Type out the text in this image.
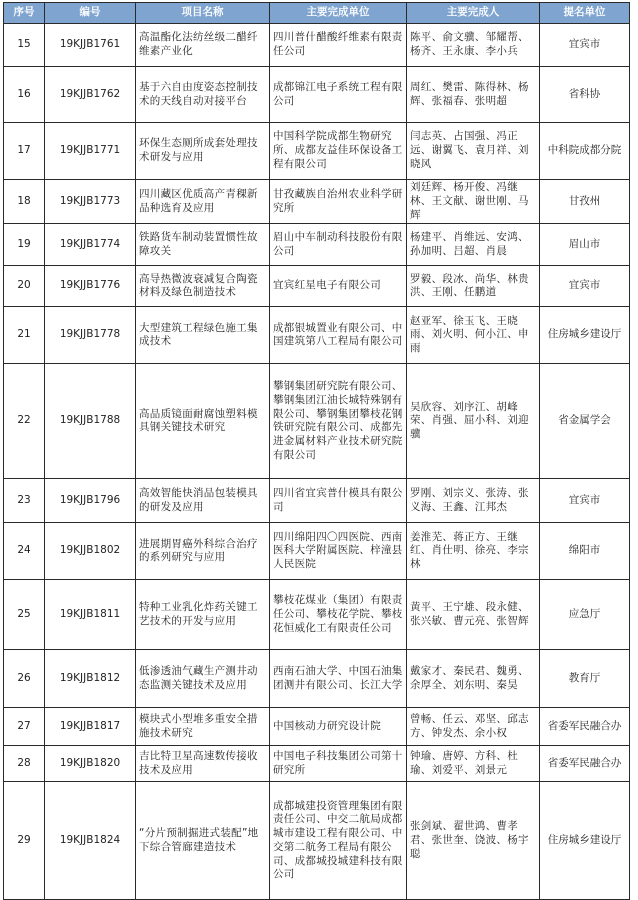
序号	编号	项目名称	主要完成单位	主要完成人	提名单位
15	19KJJB1761	高温酯化法纺丝级二醋纤维素产业化	四川普什醋酸纤维素有限责任公司	陈平、俞文骥、邹耀帮、杨齐、王永康、李小兵	宜宾市
16	19KJJB1762	基于六自由度姿态控制技术的天线自动对接平台	成都锦江电子系统工程有限公司	周红、樊雷、陈得林、杨辉、张福春、张明超	省科协
17	19KJJB1771	环保生态厕所成套处理技术研发与应用	中国科学院成都生物研究所、成都友益佳环保设备工程有限公司	闫志英、占国强、冯正远、谢翼飞、袁月祥、刘晓风	中科院成都分院
18	19KJJB1773	四川藏区优质高产青稞新品种选育及应用	甘孜藏族自治州农业科学研究所	刘廷辉、杨开俊、冯继林、王文献、谢世刚、马辉	甘孜州
19	19KJJB1774	铁路货车制动装置惯性故障攻关	眉山中车制动科技股份有限公司	杨建平、肖维远、安鸿、孙加明、吕超、肖晨	眉山市
20	19KJJB1776	高导热微波衰减复合陶瓷材料及绿色制造技术	宜宾红星电子有限公司	罗毅、段冰、尚华、林贵洪、王刚、任鹏道	宜宾市
21	19KJJB1778	大型建筑工程绿色施工集成技术	成都银城置业有限公司、中国建筑第八工程局有限公司	赵亚军、徐玉飞、王晓雨、刘火明、何小江、申雨	住房城乡建设厅
22	19KJJB1788	高品质镜面耐腐蚀塑料模具钢关键技术研究	攀钢集团研究院有限公司、攀钢集团江油长城特殊钢有限公司、攀钢集团攀枝花钢铁研究院有限公司、成都先进金属材料产业技术研究院有限公司	吴欣容、刘序江、胡峰荣、肖强、屈小科、刘迎骥	省金属学会
23	19KJJB1796	高效智能快消品包装模具的研发及应用	四川省宜宾普什模具有限公司	罗刚、刘宗义、张涛、张义海、王鑫、江邦杰	宜宾市
24	19KJJB1802	进展期胃癌外科综合治疗的系列研究与应用	四川绵阳四〇四医院、西南医科大学附属医院、梓潼县人民医院	姜淮芜、蒋正方、王继红、肖仕明、徐亮、李宗林	绵阳市
25	19KJJB1811	特种工业乳化炸药关键工艺技术的开发与应用	攀枝花煤业（集团）有限责任公司、攀枝花学院、攀枝花恒威化工有限责任公司	黄平、王宁雄、段永健、张兴敏、曹元亮、张智辉	应急厅
26	19KJJB1812	低渗透油气藏生产测井动态监测关键技术及应用	西南石油大学、中国石油集团测井有限公司、长江大学	戴家才、秦民君、魏勇、余厚全、刘东明、秦昊	教育厅
27	19KJJB1817	模块式小型堆多重安全措施技术研究	中国核动力研究设计院	曾畅、任云、邓坚、邱志方、钟发杰、余小权	省委军民融合办
28	19KJJB1820	吉比特卫星高速数传接收技术及应用	中国电子科技集团公司第十研究所	钟瑜、唐婷、方科、杜瑜、刘爱平、刘景元	省委军民融合办
29	19KJJB1824	“分片预制掘进式装配”地下综合管廊建造技术	成都城建投资管理集团有限责任公司、中交二航局成都城市建设工程有限公司、中交第二航务工程局有限公司、成都城投城建科技有限公司	张剑斌、翟世鸿、曹孝君、张世奎、饶波、杨宇聪	住房城乡建设厅
